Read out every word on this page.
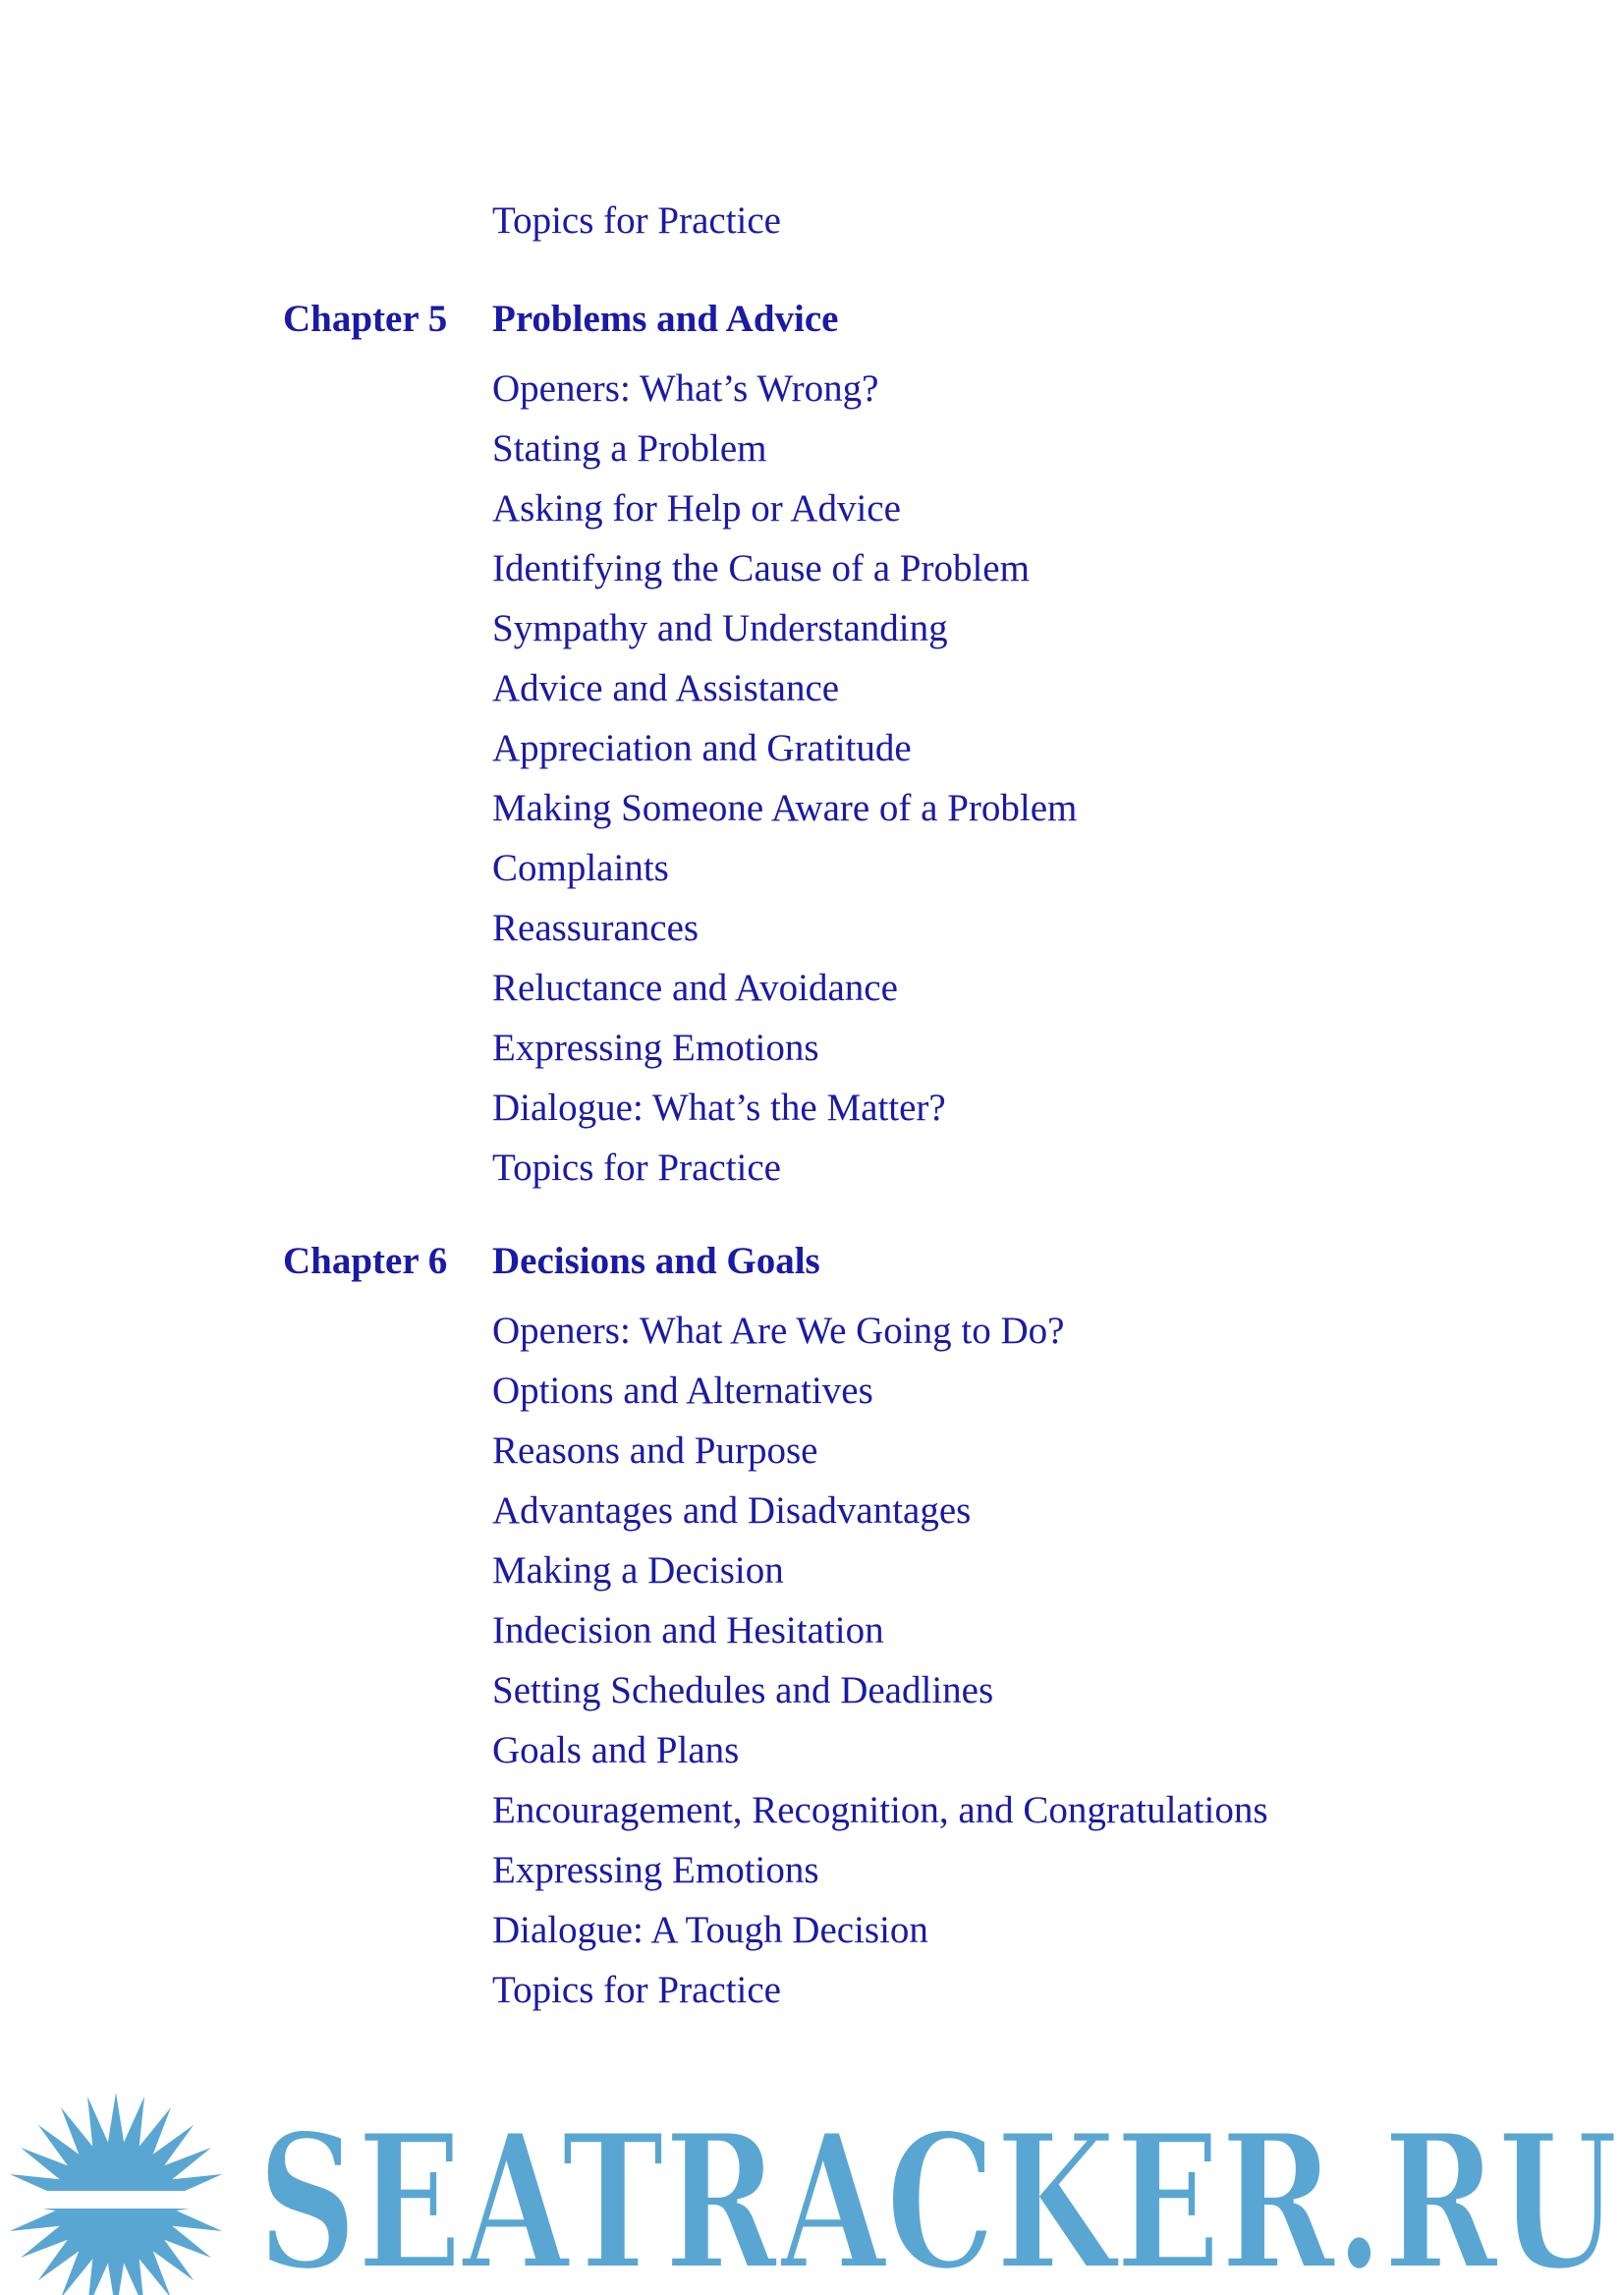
Topics for Practice
Chapter 5 Problems and Advice
Openers: What’s Wrong?
Stating a Problem
Asking for Help or Advice
Identifying the Cause of a Problem
Sympathy and Understanding
Advice and Assistance
Appreciation and Gratitude
Making Someone Aware of a Problem
Complaints
Reassurances
Reluctance and Avoidance
Expressing Emotions
Dialogue: What’s the Matter?
Topics for Practice
Chapter 6 Decisions and Goals
Openers: What Are We Going to Do?
Options and Alternatives
Reasons and Purpose
Advantages and Disadvantages
Making a Decision
Indecision and Hesitation
Setting Schedules and Deadlines
Goals and Plans
Encouragement, Recognition, and Congratulations
Expressing Emotions
Dialogue: A Tough Decision
Topics for Practice
SEATRACKER.RU
